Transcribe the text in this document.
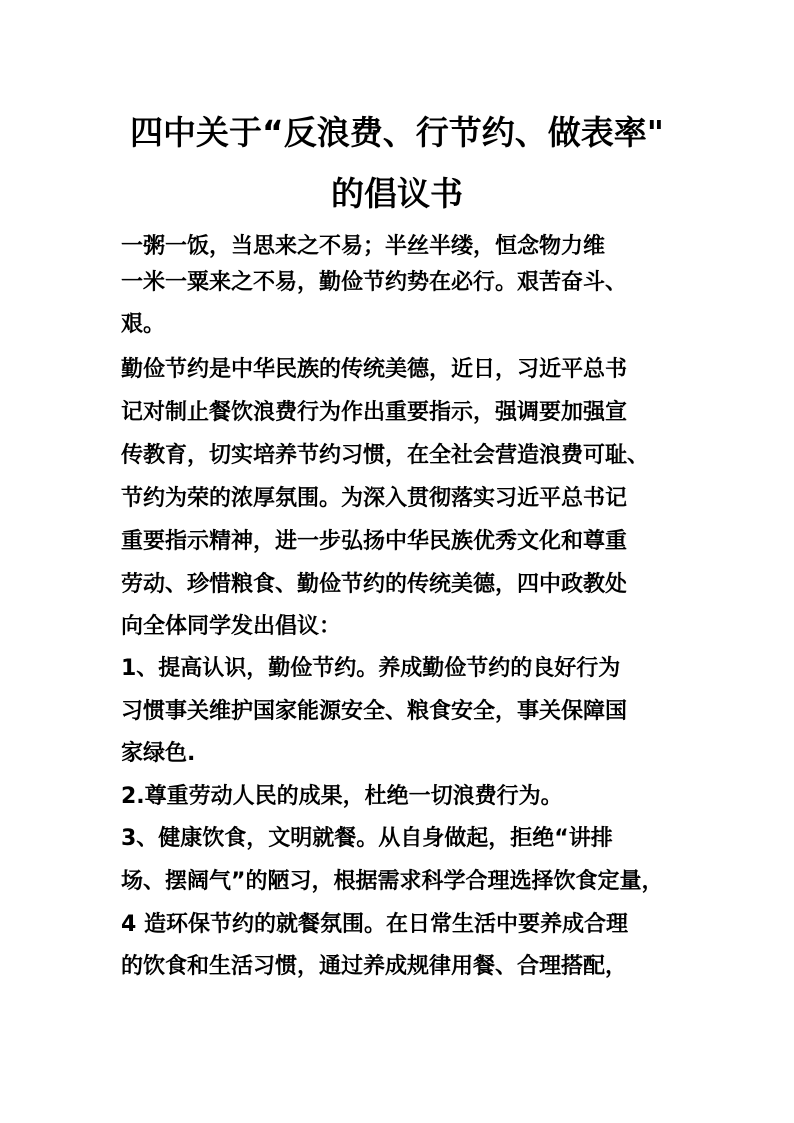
四中关于“反浪费、行节约、做表率"
的倡议书
一粥一饭，当思来之不易；半丝半缕，恒念物力维
一米一粟来之不易，勤俭节约势在必行。艰苦奋斗、
艰。
勤俭节约是中华民族的传统美德，近日，习近平总书
记对制止餐饮浪费行为作出重要指示，强调要加强宣
传教育，切实培养节约习惯，在全社会营造浪费可耻、
节约为荣的浓厚氛围。为深入贯彻落实习近平总书记
重要指示精神，进一步弘扬中华民族优秀文化和尊重
劳动、珍惜粮食、勤俭节约的传统美德，四中政教处
向全体同学发出倡议：
1、提高认识，勤俭节约。养成勤俭节约的良好行为
习惯事关维护国家能源安全、粮食安全，事关保障国
家绿色.
2.尊重劳动人民的成果，杜绝一切浪费行为。
3、健康饮食，文明就餐。从自身做起，拒绝“讲排
场、摆阔气”的陋习，根据需求科学合理选择饮食定量，
4 造环保节约的就餐氛围。在日常生活中要养成合理
的饮食和生活习惯，通过养成规律用餐、合理搭配，
